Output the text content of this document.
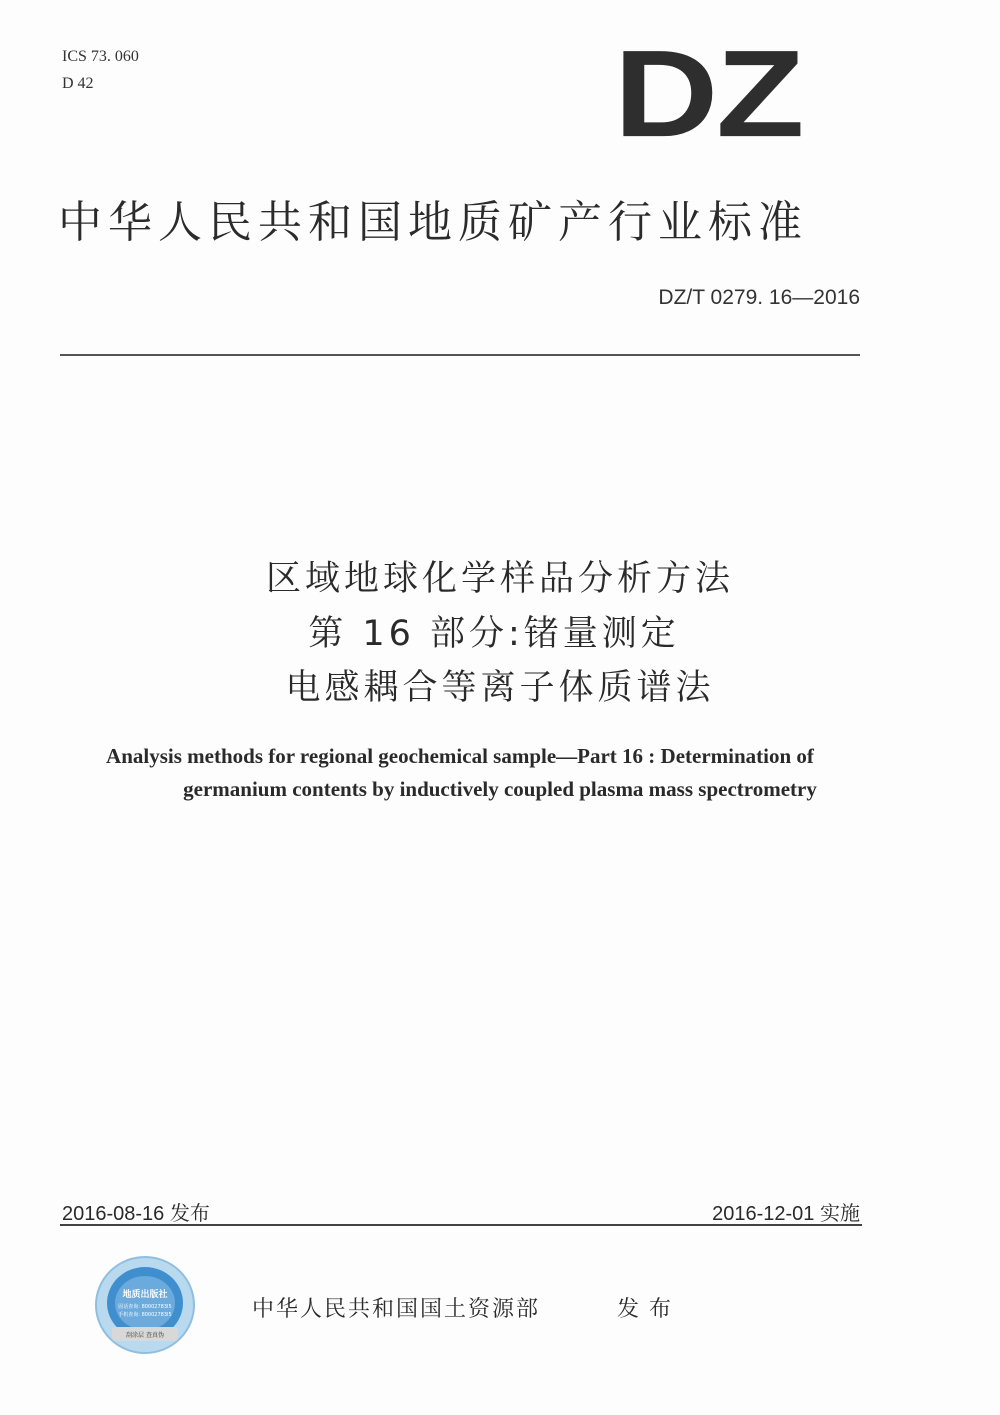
ICS 73. 060
D 42	DZ
中华人民共和国地质矿产行业标准
DZ/T 0279. 16—2016
区域地球化学样品分析方法
第 16 部分:锗量测定
电感耦合等离子体质谱法
Analysis methods for regional geochemical sample—Part 16 : Determination of
germanium contents by inductively coupled plasma mass spectrometry
2016-08-16 发布	2016-12-01 实施
地质出版社
固话查询: 80002783I5
手机查询: 80002783I5
刮涂层 查真伪
中华人民共和国国土资源部	发布
